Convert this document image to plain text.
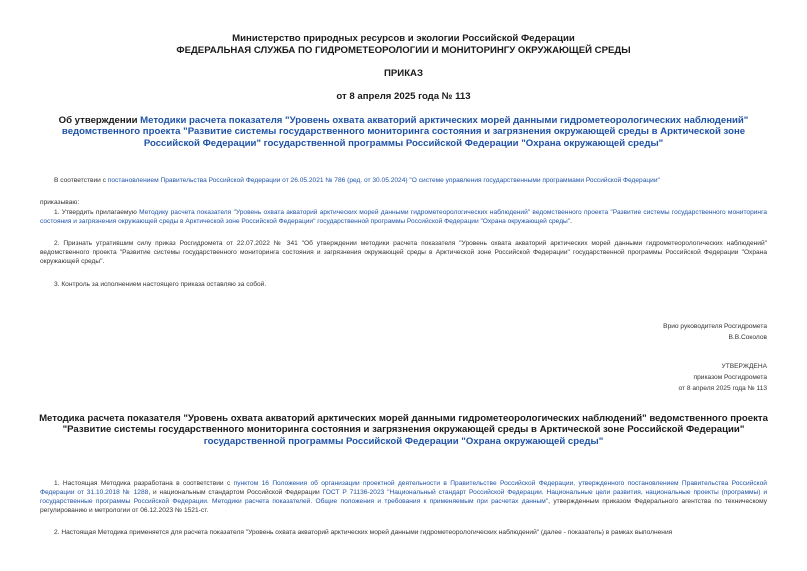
Министерство природных ресурсов и экологии Российской Федерации
ФЕДЕРАЛЬНАЯ СЛУЖБА ПО ГИДРОМЕТЕОРОЛОГИИ И МОНИТОРИНГУ ОКРУЖАЮЩЕЙ СРЕДЫ
ПРИКАЗ
от 8 апреля 2025 года № 113
Об утверждении Методики расчета показателя "Уровень охвата акваторий арктических морей данными гидрометеорологических наблюдений" ведомственного проекта "Развитие системы государственного мониторинга состояния и загрязнения окружающей среды в Арктической зоне Российской Федерации" государственной программы Российской Федерации "Охрана окружающей среды"
В соответствии с постановлением Правительства Российской Федерации от 26.05.2021 № 786 (ред. от 30.05.2024) "О системе управления государственными программами Российской Федерации"
приказываю:
1. Утвердить прилагаемую Методику расчета показателя "Уровень охвата акваторий арктических морей данными гидрометеорологических наблюдений" ведомственного проекта "Развитие системы государственного мониторинга состояния и загрязнения окружающей среды в Арктической зоне Российской Федерации" государственной программы Российской Федерации "Охрана окружающей среды".
2. Признать утратившим силу приказ Росгидромета от 22.07.2022 № 341 "Об утверждении методики расчета показателя "Уровень охвата акваторий арктических морей данными гидрометеорологических наблюдений" ведомственного проекта "Развитие системы государственного мониторинга состояния и загрязнения окружающей среды в Арктической зоне Российской Федерации" государственной программы Российской Федерации "Охрана окружающей среды".
3. Контроль за исполнением настоящего приказа оставляю за собой.
Врио руководителя Росгидромета
В.В.Соколов
УТВЕРЖДЕНА
приказом Росгидромета
от 8 апреля 2025 года № 113
Методика расчета показателя "Уровень охвата акваторий арктических морей данными гидрометеорологических наблюдений" ведомственного проекта "Развитие системы государственного мониторинга состояния и загрязнения окружающей среды в Арктической зоне Российской Федерации" государственной программы Российской Федерации "Охрана окружающей среды"
1. Настоящая Методика разработана в соответствии с пунктом 16 Положения об организации проектной деятельности в Правительстве Российской Федерации, утвержденного постановлением Правительства Российской Федерации от 31.10.2018 № 1288, и национальным стандартом Российской Федерации ГОСТ Р 71136-2023 "Национальный стандарт Российской Федерации. Национальные цели развития, национальные проекты (программы) и государственные программы Российской Федерации. Методики расчета показателей. Общие положения и требования к применяемым при расчетах данным", утвержденным приказом Федерального агентства по техническому регулированию и метрологии от 06.12.2023 № 1521-ст.
2. Настоящая Методика применяется для расчета показателя "Уровень охвата акваторий арктических морей данными гидрометеорологических наблюдений" (далее - показатель) в рамках выполнения
